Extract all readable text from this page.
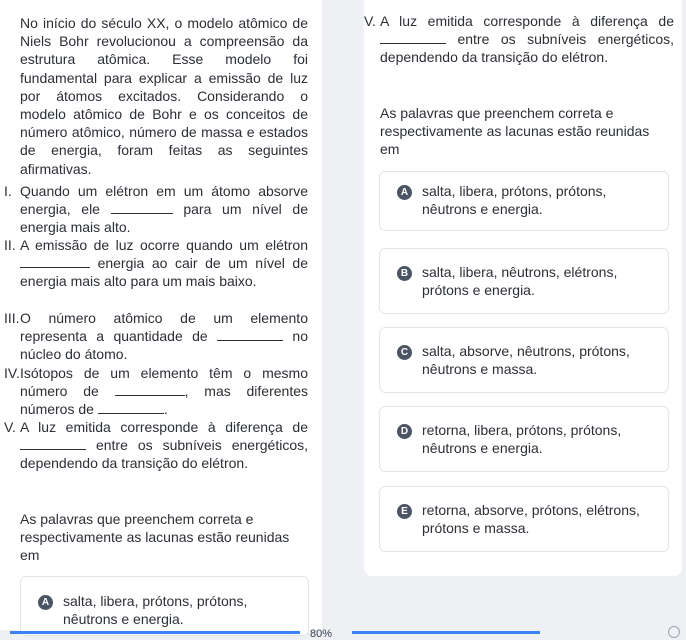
No início do século XX, o modelo atômico de Niels Bohr revolucionou a compreensão da estrutura atômica. Esse modelo foi fundamental para explicar a emissão de luz por átomos excitados. Considerando o modelo atômico de Bohr e os conceitos de número atômico, número de massa e estados de energia, foram feitas as seguintes afirmativas.

I. Quando um elétron em um átomo absorve energia, ele	para um nível de energia mais alto.
II. A emissão de luz ocorre quando um elétron  energia ao cair de um nível de energia mais alto para um mais baixo.
III. O número atômico de um elemento representa a quantidade de	no núcleo do átomo.
IV. Isótopos de um elemento têm o mesmo número de	, mas diferentes números de	.
V. A luz emitida corresponde à diferença de  entre os subníveis energéticos, dependendo da transição do elétron.

As palavras que preenchem correta e respectivamente as lacunas estão reunidas em

A salta, libera, prótons, prótons, nêutrons e energia.
V. A luz emitida corresponde à diferença de  entre os subníveis energéticos, dependendo da transição do elétron.

As palavras que preenchem correta e respectivamente as lacunas estão reunidas em

A salta, libera, prótons, prótons, nêutrons e energia.
B salta, libera, nêutrons, elétrons, prótons e energia.
C salta, absorve, nêutrons, prótons, nêutrons e massa.
D retorna, libera, prótons, prótons, nêutrons e energia.
E retorna, absorve, prótons, elétrons, prótons e massa.
80%
